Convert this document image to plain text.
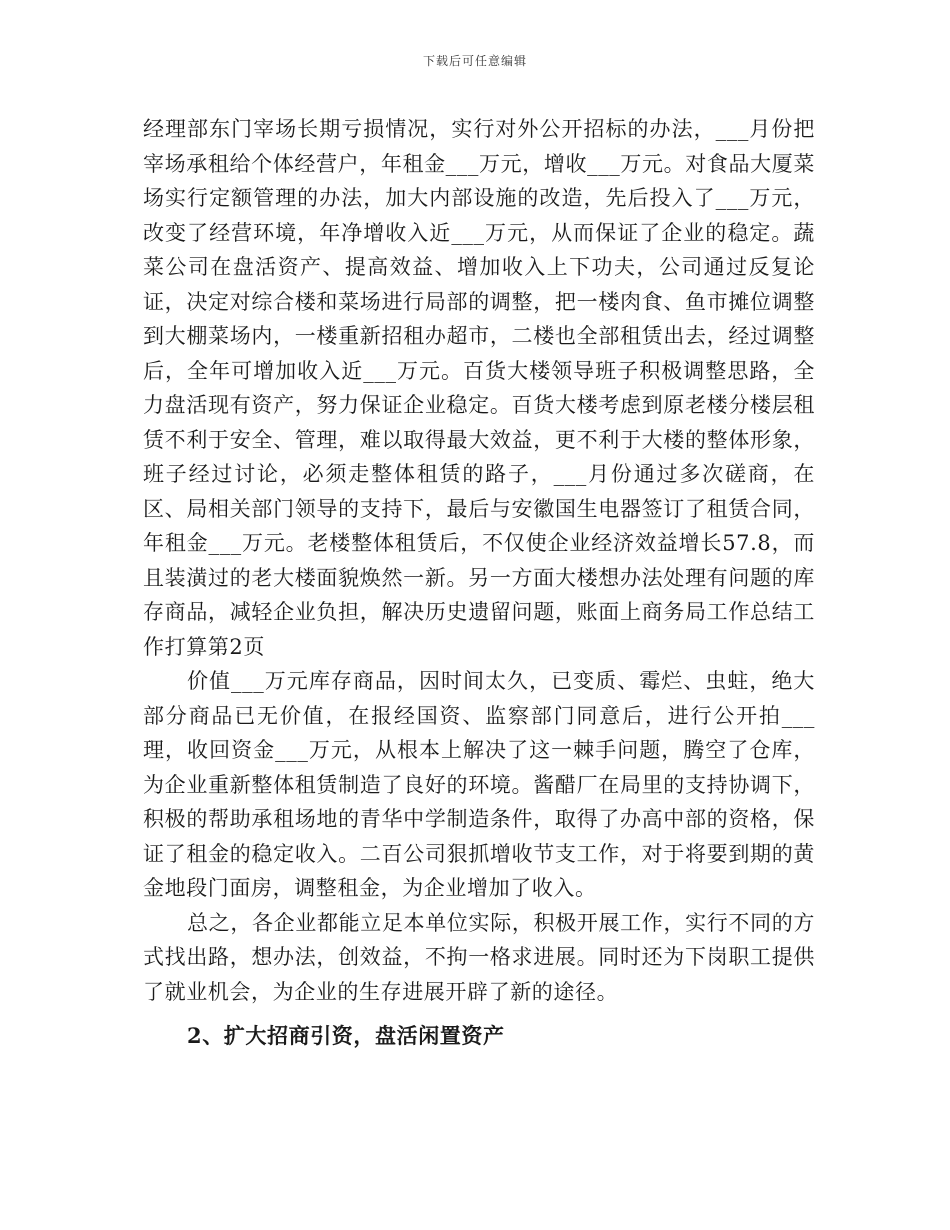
下载后可任意编辑

经理部东门宰场长期亏损情况，实行对外公开招标的办法，___月份把宰场承租给个体经营户，年租金___万元，增收___万元。对食品大厦菜场实行定额管理的办法，加大内部设施的改造，先后投入了___万元，改变了经营环境，年净增收入近___万元，从而保证了企业的稳定。蔬菜公司在盘活资产、提高效益、增加收入上下功夫，公司通过反复论证，决定对综合楼和菜场进行局部的调整，把一楼肉食、鱼市摊位调整到大棚菜场内，一楼重新招租办超市，二楼也全部租赁出去，经过调整后，全年可增加收入近___万元。百货大楼领导班子积极调整思路，全力盘活现有资产，努力保证企业稳定。百货大楼考虑到原老楼分楼层租赁不利于安全、管理，难以取得最大效益，更不利于大楼的整体形象，班子经过讨论，必须走整体租赁的路子，___月份通过多次磋商，在区、局相关部门领导的支持下，最后与安徽国生电器签订了租赁合同，年租金___万元。老楼整体租赁后，不仅使企业经济效益增长57.8，而且装潢过的老大楼面貌焕然一新。另一方面大楼想办法处理有问题的库存商品，减轻企业负担，解决历史遗留问题，账面上商务局工作总结工作打算第2页

价值___万元库存商品，因时间太久，已变质、霉烂、虫蛀，绝大部分商品已无价值，在报经国资、监察部门同意后，进行公开拍___理，收回资金___万元，从根本上解决了这一棘手问题，腾空了仓库，为企业重新整体租赁制造了良好的环境。酱醋厂在局里的支持协调下，积极的帮助承租场地的青华中学制造条件，取得了办高中部的资格，保证了租金的稳定收入。二百公司狠抓增收节支工作，对于将要到期的黄金地段门面房，调整租金，为企业增加了收入。

总之，各企业都能立足本单位实际，积极开展工作，实行不同的方式找出路，想办法，创效益，不拘一格求进展。同时还为下岗职工提供了就业机会，为企业的生存进展开辟了新的途径。

2、扩大招商引资，盘活闲置资产
